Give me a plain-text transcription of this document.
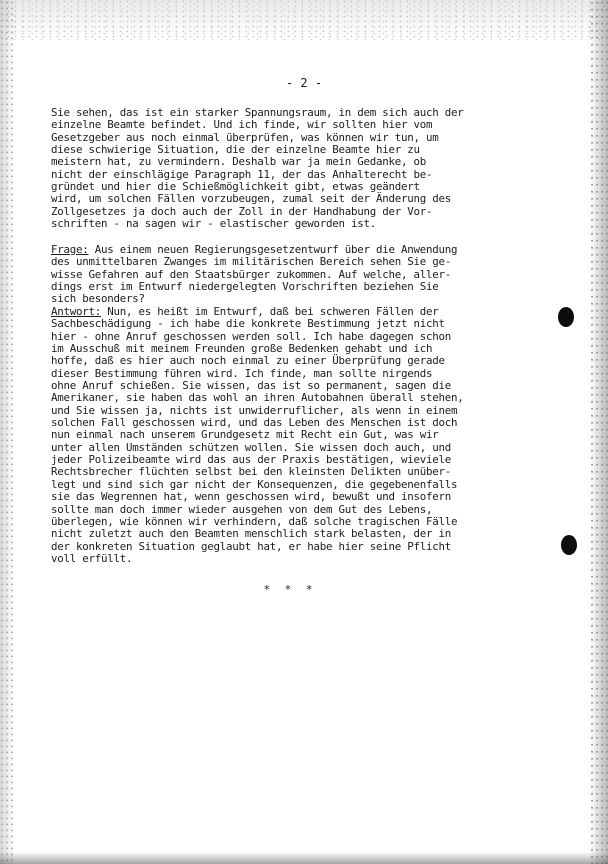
- 2 -
Sie sehen, das ist ein starker Spannungsraum, in dem sich auch der
einzelne Beamte befindet. Und ich finde, wir sollten hier vom
Gesetzgeber aus noch einmal überprüfen, was können wir tun, um
diese schwierige Situation, die der einzelne Beamte hier zu
meistern hat, zu vermindern. Deshalb war ja mein Gedanke, ob
nicht der einschlägige Paragraph 11, der das Anhalterecht be-
gründet und hier die Schießmöglichkeit gibt, etwas geändert
wird, um solchen Fällen vorzubeugen, zumal seit der Änderung des
Zollgesetzes ja doch auch der Zoll in der Handhabung der Vor-
schriften - na sagen wir - elastischer geworden ist.
Frage: Aus einem neuen Regierungsgesetzentwurf über die Anwendung
des unmittelbaren Zwanges im militärischen Bereich sehen Sie ge-
wisse Gefahren auf den Staatsbürger zukommen. Auf welche, aller-
dings erst im Entwurf niedergelegten Vorschriften beziehen Sie
sich besonders?
Antwort: Nun, es heißt im Entwurf, daß bei schweren Fällen der
Sachbeschädigung - ich habe die konkrete Bestimmung jetzt nicht
hier - ohne Anruf geschossen werden soll. Ich habe dagegen schon
im Ausschuß mit meinem Freunden große Bedenken gehabt und ich
hoffe, daß es hier auch noch einmal zu einer Überprüfung gerade
dieser Bestimmung führen wird. Ich finde, man sollte nirgends
ohne Anruf schießen. Sie wissen, das ist so permanent, sagen die
Amerikaner, sie haben das wohl an ihren Autobahnen überall stehen,
und Sie wissen ja, nichts ist unwiderruflicher, als wenn in einem
solchen Fall geschossen wird, und das Leben des Menschen ist doch
nun einmal nach unserem Grundgesetz mit Recht ein Gut, was wir
unter allen Umständen schützen wollen. Sie wissen doch auch, und
jeder Polizeibeamte wird das aus der Praxis bestätigen, wieviele
Rechtsbrecher flüchten selbst bei den kleinsten Delikten unüber-
legt und sind sich gar nicht der Konsequenzen, die gegebenenfalls
sie das Wegrennen hat, wenn geschossen wird, bewußt und insofern
sollte man doch immer wieder ausgehen von dem Gut des Lebens,
überlegen, wie können wir verhindern, daß solche tragischen Fälle
nicht zuletzt auch den Beamten menschlich stark belasten, der in
der konkreten Situation geglaubt hat, er habe hier seine Pflicht
voll erfüllt.
* * *
